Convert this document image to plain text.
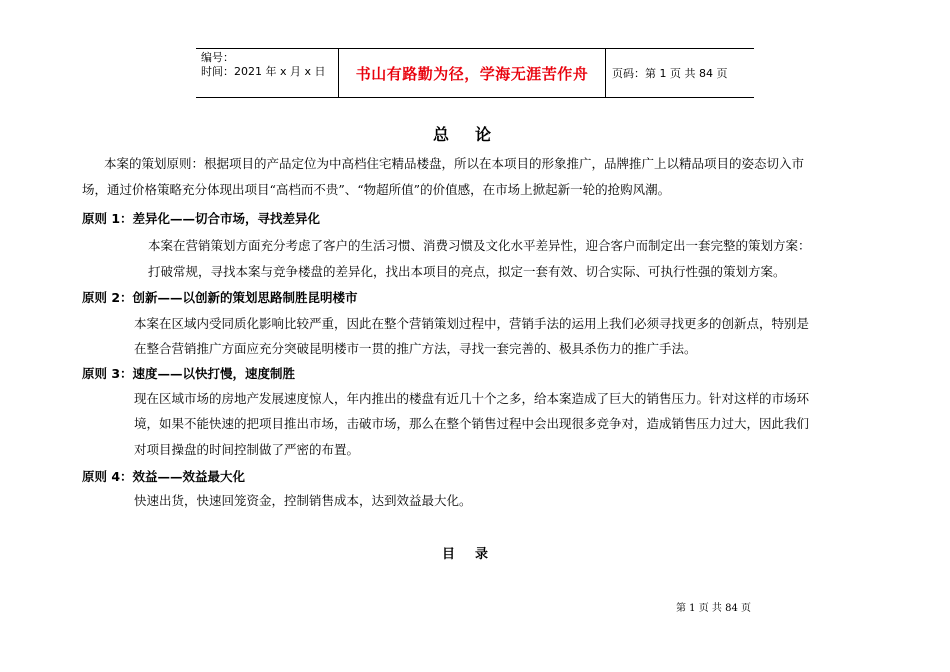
编号：
时间：2021 年 x 月 x 日	书山有路勤为径，学海无涯苦作舟	页码：第 1 页 共 84 页
总论
本案的策划原则：根据项目的产品定位为中高档住宅精品楼盘，所以在本项目的形象推广，品牌推广上以精品项目的姿态切入市
场，通过价格策略充分体现出项目“高档而不贵”、“物超所值”的价值感，在市场上掀起新一轮的抢购风潮。
原则 1：差异化——切合市场，寻找差异化
本案在营销策划方面充分考虑了客户的生活习惯、消费习惯及文化水平差异性，迎合客户而制定出一套完整的策划方案：
打破常规，寻找本案与竞争楼盘的差异化，找出本项目的亮点，拟定一套有效、切合实际、可执行性强的策划方案。
原则 2：创新——以创新的策划思路制胜昆明楼市
本案在区域内受同质化影响比较严重，因此在整个营销策划过程中，营销手法的运用上我们必须寻找更多的创新点，特别是
在整合营销推广方面应充分突破昆明楼市一贯的推广方法，寻找一套完善的、极具杀伤力的推广手法。
原则 3：速度——以快打慢，速度制胜
现在区域市场的房地产发展速度惊人，年内推出的楼盘有近几十个之多，给本案造成了巨大的销售压力。针对这样的市场环
境，如果不能快速的把项目推出市场，击破市场，那么在整个销售过程中会出现很多竞争对，造成销售压力过大，因此我们
对项目操盘的时间控制做了严密的布置。
原则 4：效益——效益最大化
快速出货，快速回笼资金，控制销售成本，达到效益最大化。
目录
第 1 页 共 84 页
